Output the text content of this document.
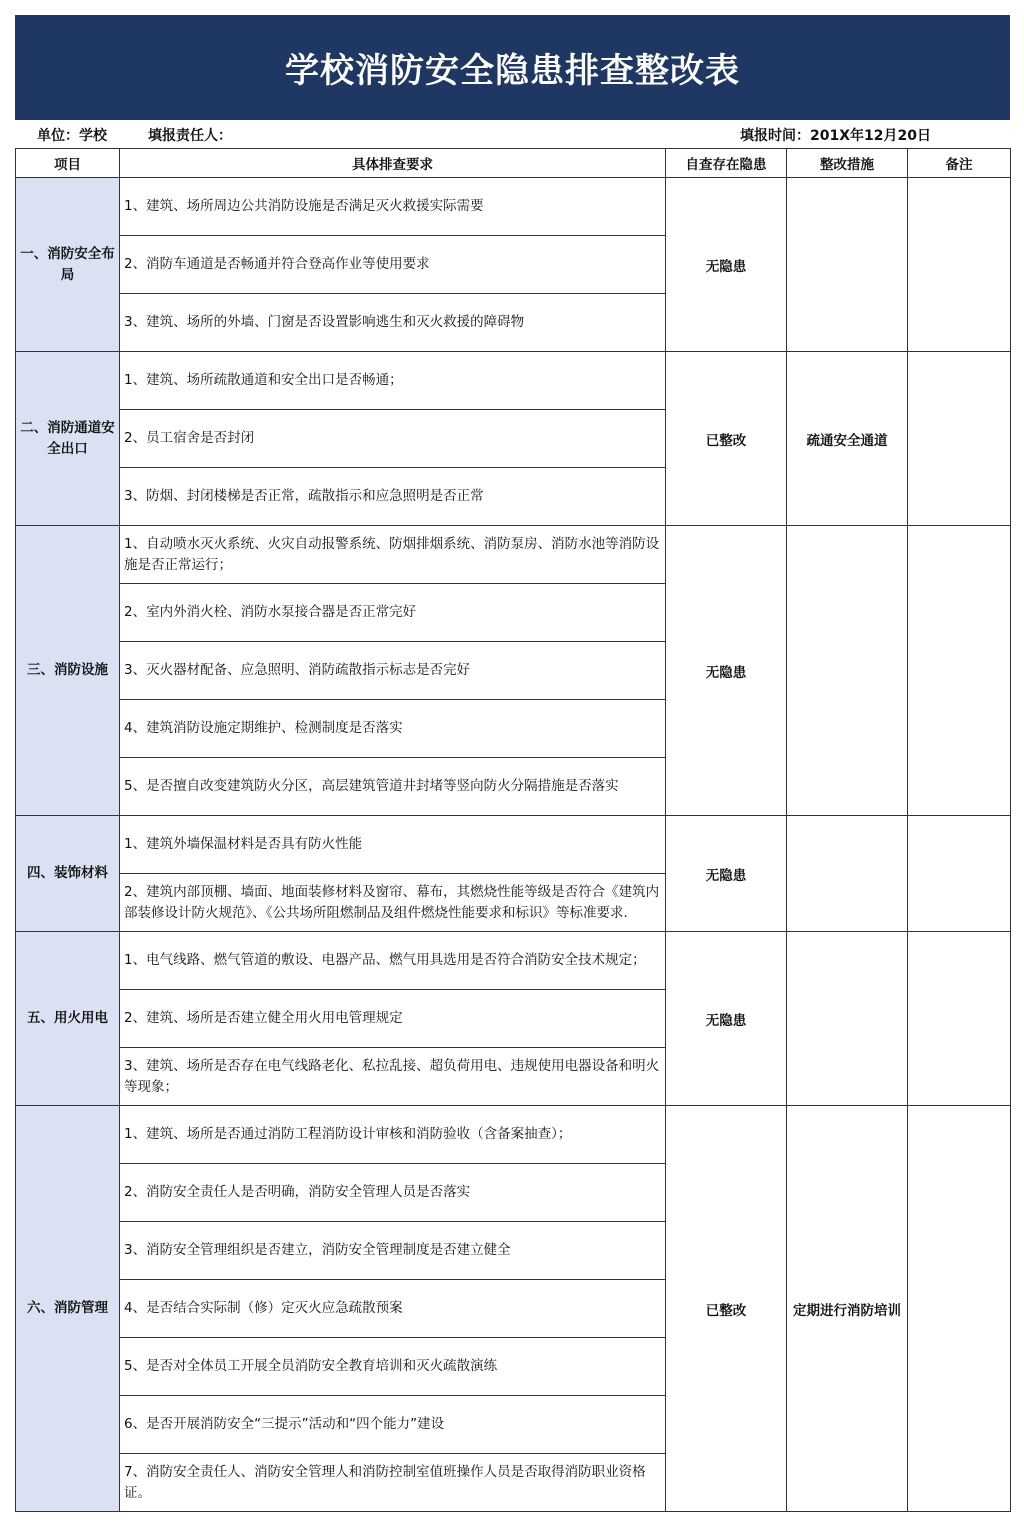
学校消防安全隐患排查整改表
单位：学校	填报责任人：	填报时间：201X年12月20日
项目	具体排查要求	自查存在隐患	整改措施	备注
一、消防安全布局	1、建筑、场所周边公共消防设施是否满足灭火救援实际需要	无隐患		
	2、消防车通道是否畅通并符合登高作业等使用要求			
	3、建筑、场所的外墙、门窗是否设置影响逃生和灭火救援的障碍物			
二、消防通道安全出口	1、建筑、场所疏散通道和安全出口是否畅通；	已整改	疏通安全通道	
	2、员工宿舍是否封闭			
	3、防烟、封闭楼梯是否正常，疏散指示和应急照明是否正常			
三、消防设施	1、自动喷水灭火系统、火灾自动报警系统、防烟排烟系统、消防泵房、消防水池等消防设施是否正常运行；	无隐患		
	2、室内外消火栓、消防水泵接合器是否正常完好			
	3、灭火器材配备、应急照明、消防疏散指示标志是否完好			
	4、建筑消防设施定期维护、检测制度是否落实			
	5、是否擅自改变建筑防火分区，高层建筑管道井封堵等竖向防火分隔措施是否落实			
四、装饰材料	1、建筑外墙保温材料是否具有防火性能	无隐患		
	2、建筑内部顶棚、墙面、地面装修材料及窗帘、幕布，其燃烧性能等级是否符合《建筑内部装修设计防火规范》、《公共场所阻燃制品及组件燃烧性能要求和标识》等标准要求.			
五、用火用电	1、电气线路、燃气管道的敷设、电器产品、燃气用具选用是否符合消防安全技术规定；	无隐患		
	2、建筑、场所是否建立健全用火用电管理规定			
	3、建筑、场所是否存在电气线路老化、私拉乱接、超负荷用电、违规使用电器设备和明火等现象；			
六、消防管理	1、建筑、场所是否通过消防工程消防设计审核和消防验收（含备案抽查）；	已整改	定期进行消防培训	
	2、消防安全责任人是否明确，消防安全管理人员是否落实			
	3、消防安全管理组织是否建立，消防安全管理制度是否建立健全			
	4、是否结合实际制（修）定灭火应急疏散预案			
	5、是否对全体员工开展全员消防安全教育培训和灭火疏散演练			
	6、是否开展消防安全“三提示”活动和“四个能力”建设			
	7、消防安全责任人、消防安全管理人和消防控制室值班操作人员是否取得消防职业资格证。			
